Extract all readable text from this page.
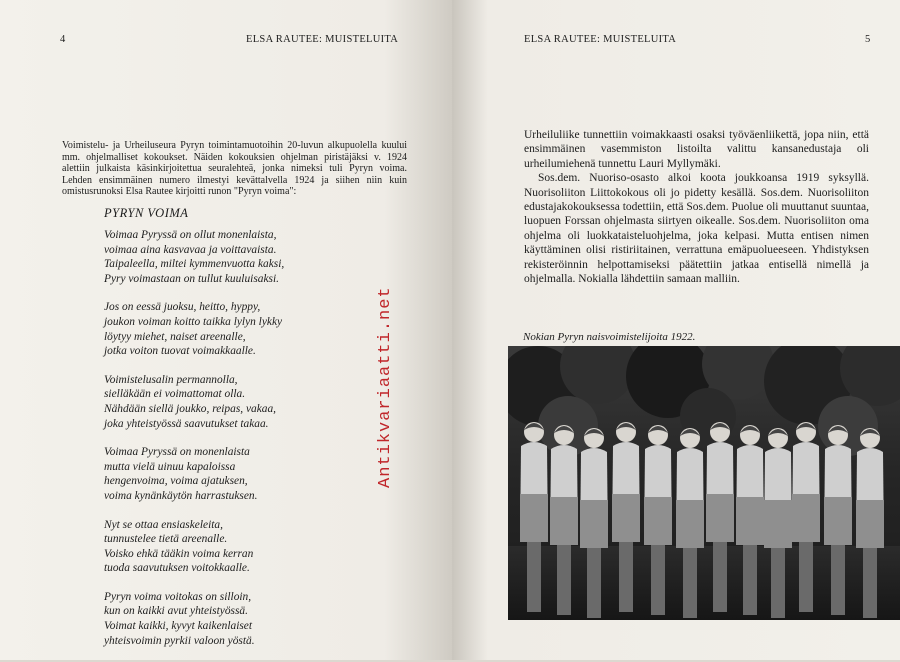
4	ELSA RAUTEE: MUISTELUITA
Voimistelu- ja Urheiluseura Pyryn toimintamuotoihin 20-luvun alkupuolella kuului mm. ohjelmalliset kokoukset. Näiden kokouksien ohjelman piristäjäksi v. 1924 alettiin julkaista käsinkirjoitettua seuralehteä, jonka nimeksi tuli Pyryn voima. Lehden ensimmäinen numero ilmestyi kevättalvella 1924 ja siihen niin kuin omistusrunoksi Elsa Rautee kirjoitti runon "Pyryn voima":
PYRYN VOIMA
Voimaa Pyryssä on ollut monenlaista,
voimaa aina kasvavaa ja voittavaista.
Taipaleella, miltei kymmenvuotta kaksi,
Pyry voimastaan on tullut kuuluisaksi.
Jos on eessä juoksu, heitto, hyppy,
joukon voiman koitto taikka lylyn lykky
löytyy miehet, naiset areenalle,
jotka voiton tuovat voimakkaalle.
Voimistelusalin permannolla,
sielläkään ei voimattomat olla.
Nähdään siellä joukko, reipas, vakaa,
joka yhteistyössä saavutukset takaa.
Voimaa Pyryssä on monenlaista
mutta vielä uinuu kapaloissa
hengenvoima, voima ajatuksen,
voima kynänkäytön harrastuksen.
Nyt se ottaa ensiaskeleita,
tunnustelee tietä areenalle.
Voisko ehkä tääkin voima kerran
tuoda saavutuksen voitokkaalle.
Pyryn voima voitokas on silloin,
kun on kaikki avut yhteistyössä.
Voimat kaikki, kyvyt kaikenlaiset
yhteisvoimin pyrkii valoon yöstä.
ELSA RAUTEE: MUISTELUITA	5

Urheiluliike tunnettiin voimakkaasti osaksi työväenliikettä, jopa niin, että ensimmäinen vasemmiston listoilta valittu kansanedustaja oli urheilumiehenä tunnettu Lauri Myllymäki.

Sos.dem. Nuoriso-osasto alkoi koota joukkoansa 1919 syksyllä. Nuorisoliiton Liittokokous oli jo pidetty kesällä. Sos.dem. Nuorisoliiton edustajakokouksessa todettiin, että Sos.dem. Puolue oli muuttanut suuntaa, luopuen Forssan ohjelmasta siirtyen oikealle. Sos.dem. Nuorisoliiton oma ohjelma oli luokkataisteluohjelma, joka kelpasi. Mutta entisen nimen käyttäminen olisi ristiriitainen, verrattuna emäpuolueeseen. Yhdistyksen rekisteröinnin helpottamiseksi päätettiin jatkaa entisellä nimellä ja ohjelmalla. Nokialla lähdettiin samaan malliin.

Nokian Pyryn naisvoimistelijoita 1922.
Antikvariaatti.net
